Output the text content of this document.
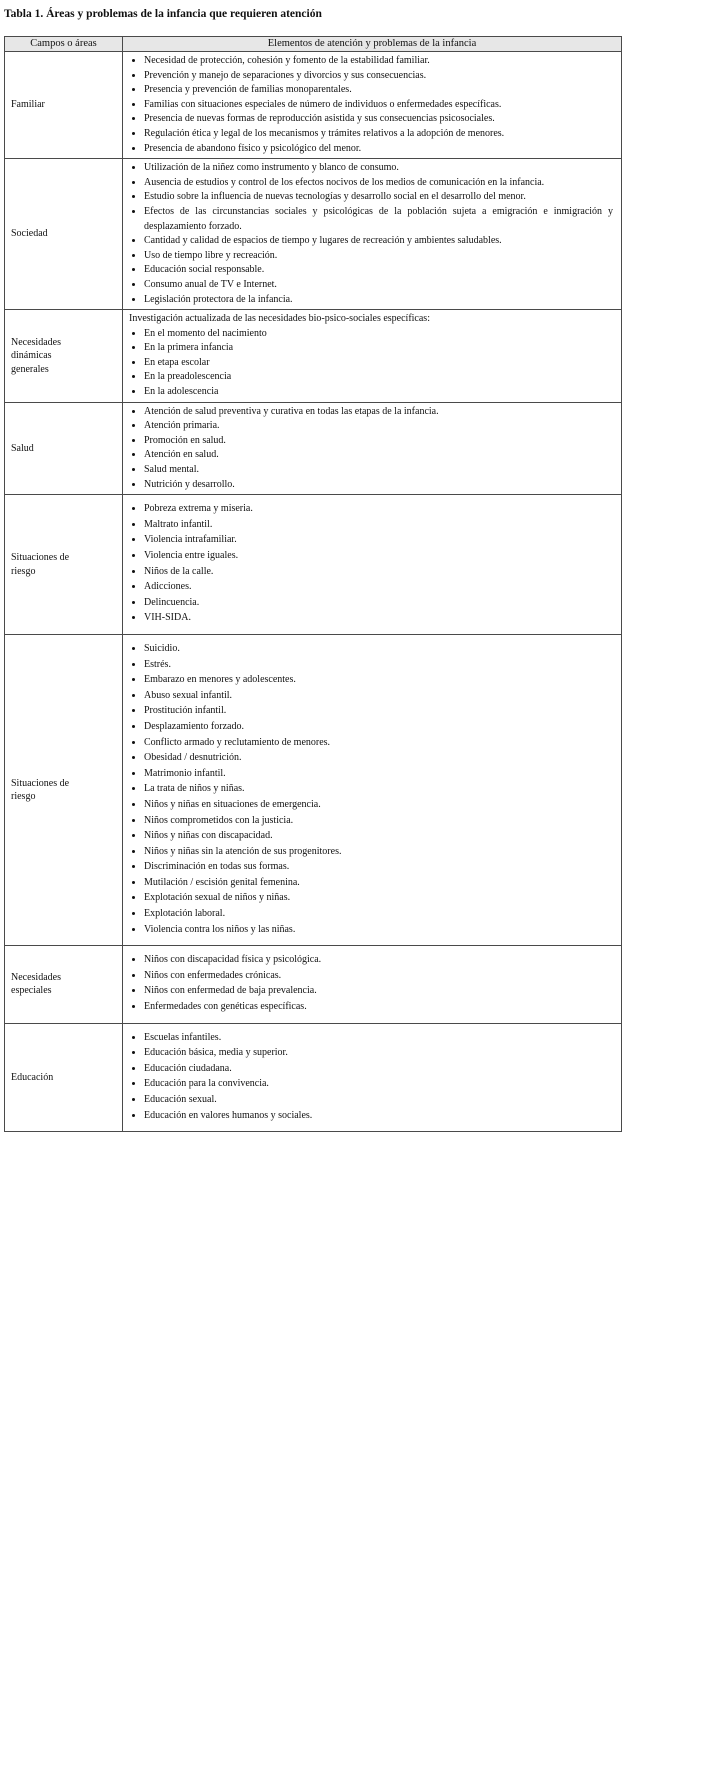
Tabla 1. Áreas y problemas de la infancia que requieren atención
Campos o áreas	Elementos de atención y problemas de la infancia

Familiar

• Necesidad de protección, cohesión y fomento de la estabilidad familiar.
• Prevención y manejo de separaciones y divorcios y sus consecuencias.
• Presencia y prevención de familias monoparentales.
• Familias con situaciones especiales de número de individuos o enfermedades específicas.
• Presencia de nuevas formas de reproducción asistida y sus consecuencias psicosociales.
• Regulación ética y legal de los mecanismos y trámites relativos a la adopción de menores.
• Presencia de abandono físico y psicológico del menor.

Sociedad

• Utilización de la niñez como instrumento y blanco de consumo.
• Ausencia de estudios y control de los efectos nocivos de los medios de comunicación en la infancia.
• Estudio sobre la influencia de nuevas tecnologías y desarrollo social en el desarrollo del menor.
• Efectos de las circunstancias sociales y psicológicas de la población sujeta a emigración e inmigración y desplazamiento forzado.
• Cantidad y calidad de espacios de tiempo y lugares de recreación y ambientes saludables.
• Uso de tiempo libre y recreación.
• Educación social responsable.
• Consumo anual de TV e Internet.
• Legislación protectora de la infancia.

Necesidades dinámicas generales

Investigación actualizada de las necesidades bio-psico-sociales específicas:
• En el momento del nacimiento
• En la primera infancia
• En etapa escolar
• En la preadolescencia
• En la adolescencia

Salud

• Atención de salud preventiva y curativa en todas las etapas de la infancia.
• Atención primaria.
• Promoción en salud.
• Atención en salud.
• Salud mental.
• Nutrición y desarrollo.

Situaciones de riesgo

• Pobreza extrema y miseria.
• Maltrato infantil.
• Violencia intrafamiliar.
• Violencia entre iguales.
• Niños de la calle.
• Adicciones.
• Delincuencia.
• VIH-SIDA.

Situaciones de riesgo

• Suicidio.
• Estrés.
• Embarazo en menores y adolescentes.
• Abuso sexual infantil.
• Prostitución infantil.
• Desplazamiento forzado.
• Conflicto armado y reclutamiento de menores.
• Obesidad / desnutrición.
• Matrimonio infantil.
• La trata de niños y niñas.
• Niños y niñas en situaciones de emergencia.
• Niños comprometidos con la justicia.
• Niños y niñas con discapacidad.
• Niños y niñas sin la atención de sus progenitores.
• Discriminación en todas sus formas.
• Mutilación / escisión genital femenina.
• Explotación sexual de niños y niñas.
• Explotación laboral.
• Violencia contra los niños y las niñas.

Necesidades especiales

• Niños con discapacidad física y psicológica.
• Niños con enfermedades crónicas.
• Niños con enfermedad de baja prevalencia.
• Enfermedades con genéticas específicas.

Educación

• Escuelas infantiles.
• Educación básica, media y superior.
• Educación ciudadana.
• Educación para la convivencia.
• Educación sexual.
• Educación en valores humanos y sociales.
